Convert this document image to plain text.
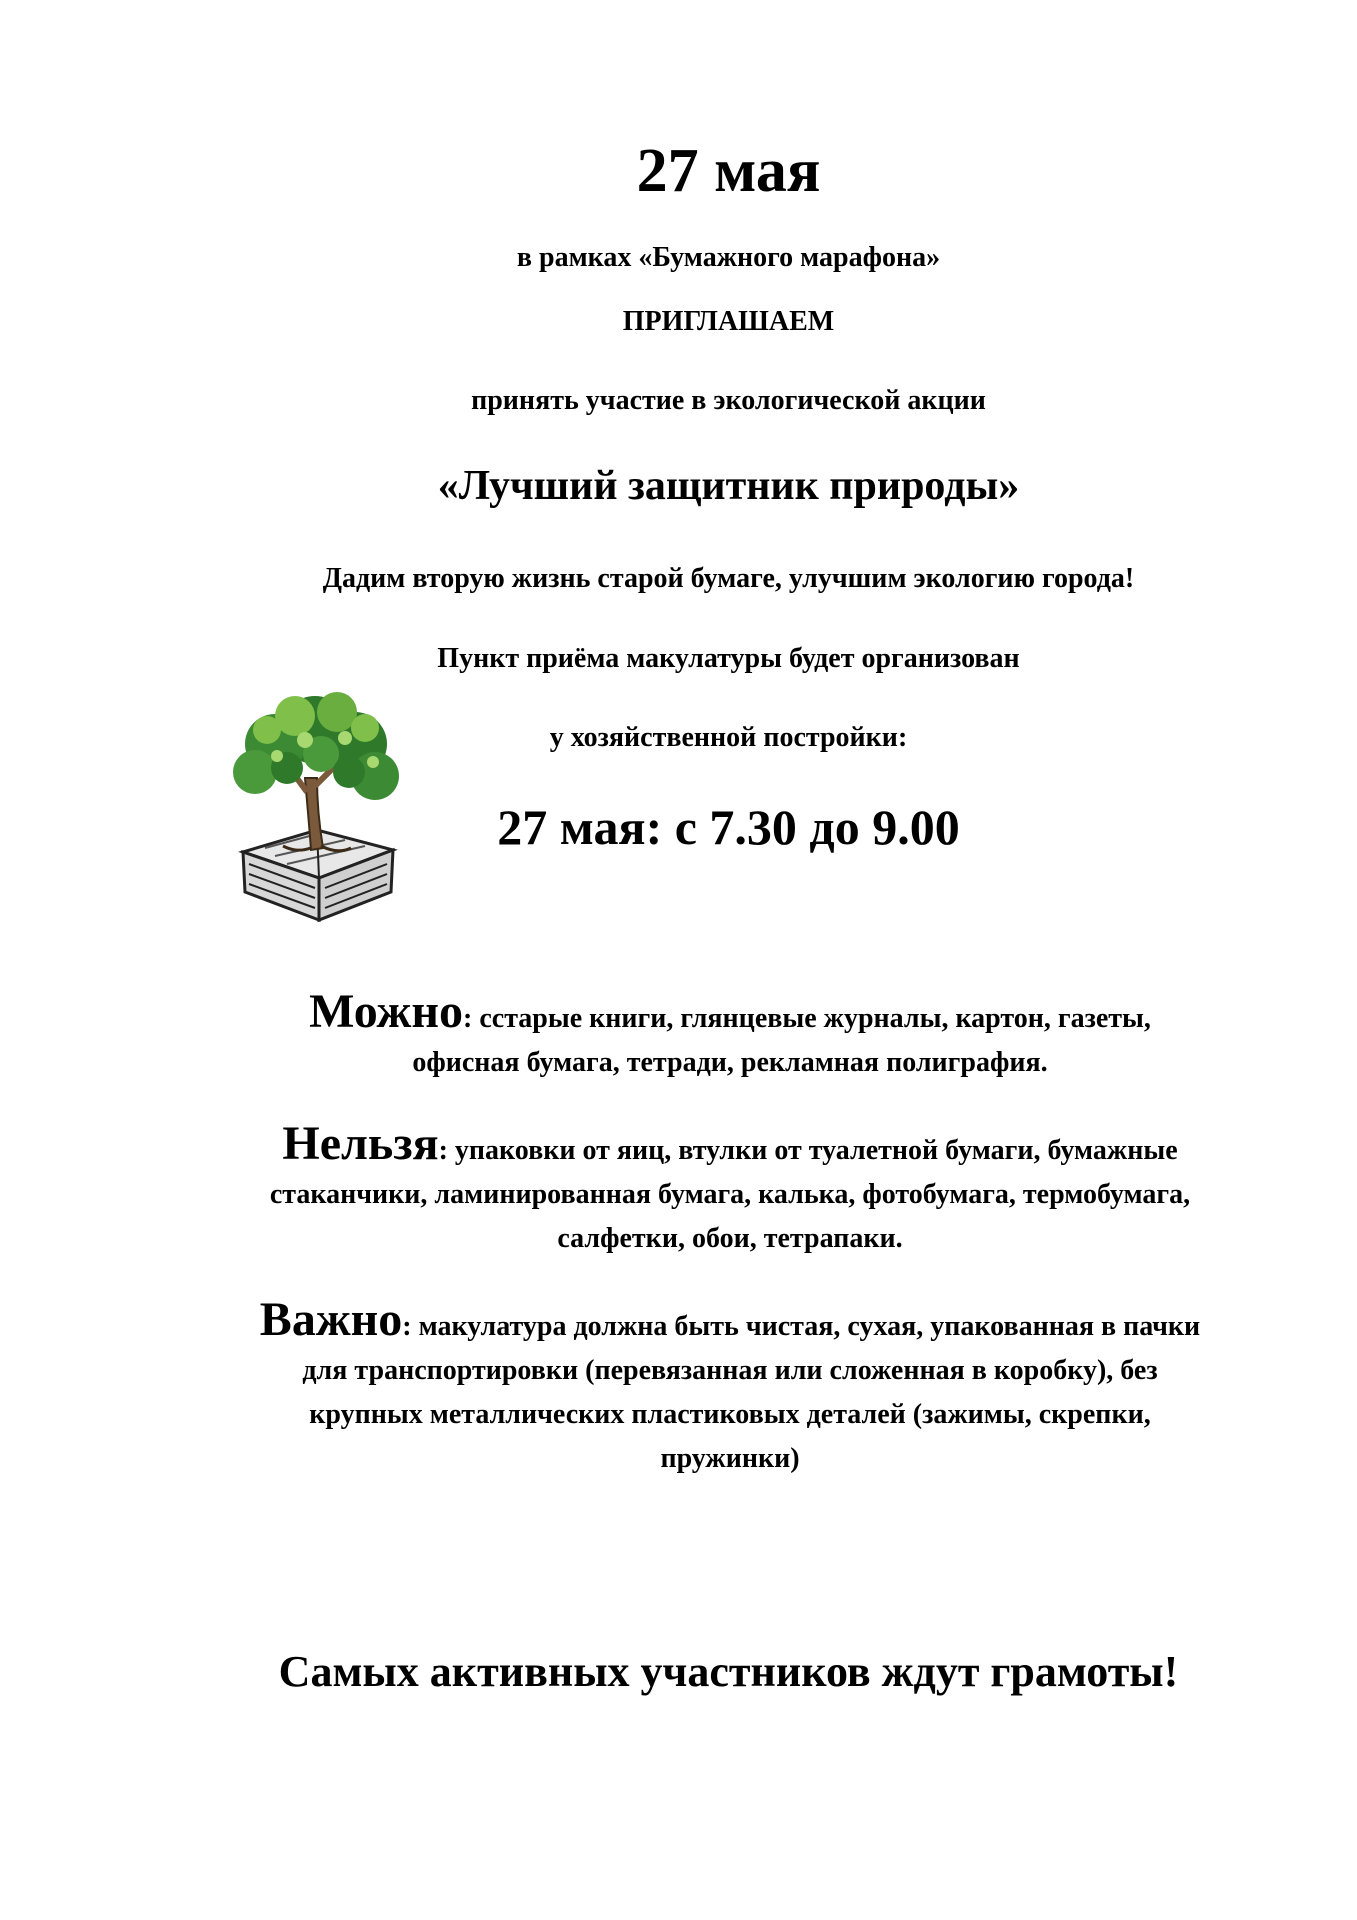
27 мая
в рамках «Бумажного марафона»
ПРИГЛАШАЕМ
принять участие в экологической акции
«Лучший защитник природы»
Дадим вторую жизнь старой бумаге, улучшим экологию города!
Пункт приёма макулатуры будет организован
у хозяйственной постройки:
27 мая: с 7.30 до 9.00
Можно: сстарые книги, глянцевые журналы, картон, газеты,
офисная бумага, тетради, рекламная полиграфия.
Нельзя: упаковки от яиц, втулки от туалетной бумаги, бумажные
стаканчики, ламинированная бумага, калька, фотобумага, термобумага,
салфетки, обои, тетрапаки.
Важно: макулатура должна быть чистая, сухая, упакованная в пачки
для транспортировки (перевязанная или сложенная в коробку), без
крупных металлических пластиковых деталей (зажимы, скрепки,
пружинки)
Самых активных участников ждут грамоты!
